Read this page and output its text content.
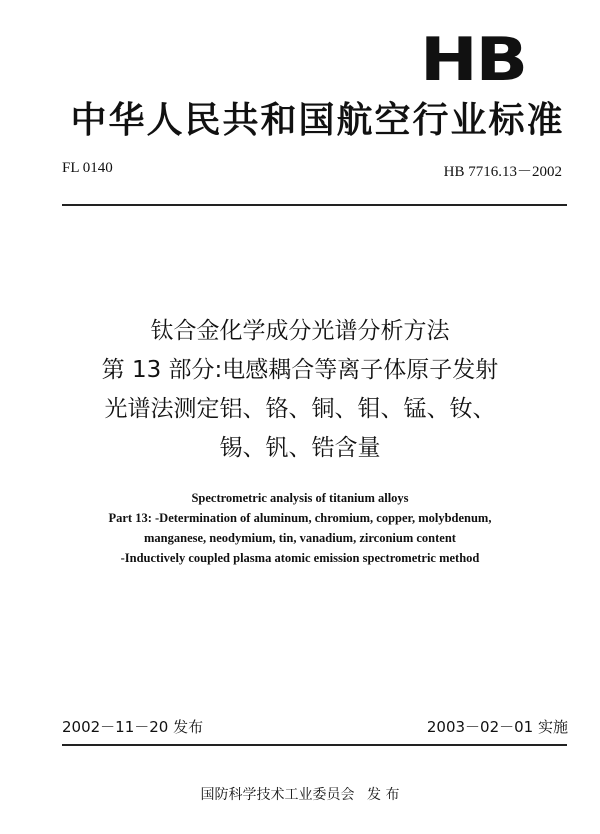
HB
中华人民共和国航空行业标准
FL 0140	HB 7716.13－2002
钛合金化学成分光谱分析方法
第 13 部分:电感耦合等离子体原子发射
光谱法测定铝、铬、铜、钼、锰、钕、
锡、钒、锆含量
Spectrometric analysis of titanium alloys
Part 13: -Determination of aluminum, chromium, copper, molybdenum,
manganese, neodymium, tin, vanadium, zirconium content
-Inductively coupled plasma atomic emission spectrometric method
2002－11－20 发布	2003－02－01 实施
国防科学技术工业委员会 发 布
